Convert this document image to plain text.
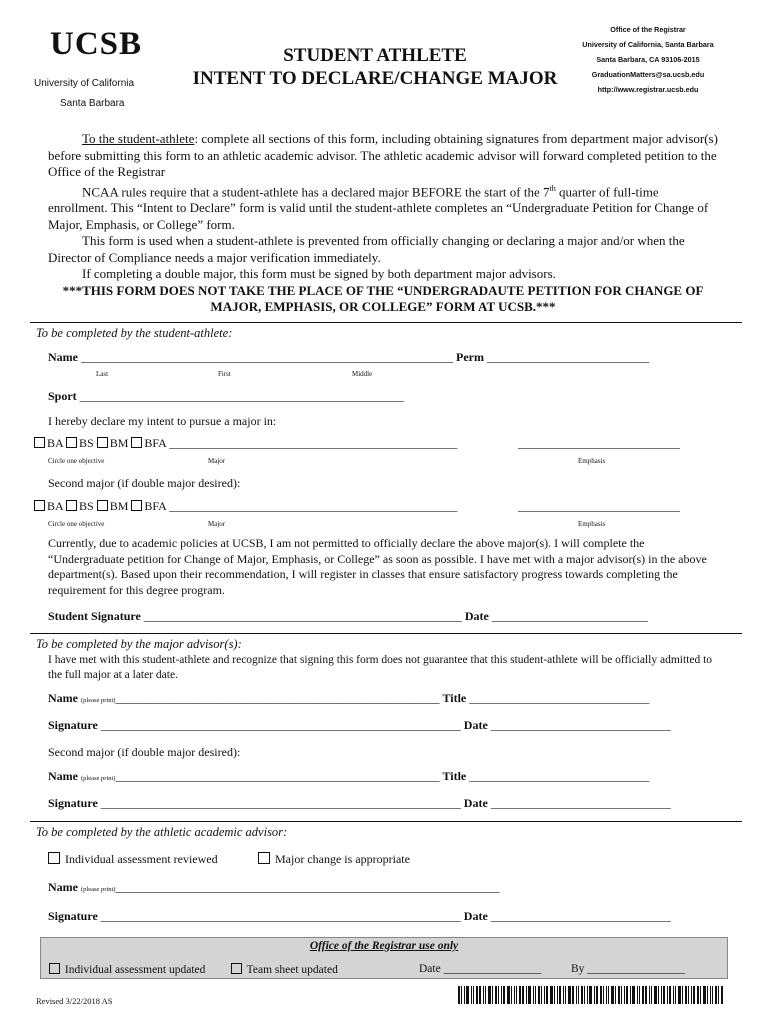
UCSB
University of California
Santa Barbara
STUDENT ATHLETE
INTENT TO DECLARE/CHANGE MAJOR
Office of the Registrar
University of California, Santa Barbara
Santa Barbara, CA 93106-2015
GraduationMatters@sa.ucsb.edu
http://www.registrar.ucsb.edu

To the student-athlete: complete all sections of this form, including obtaining signatures from department major advisor(s) before submitting this form to an athletic academic advisor. The athletic academic advisor will forward completed petition to the Office of the Registrar

NCAA rules require that a student-athlete has a declared major BEFORE the start of the 7th quarter of full-time enrollment. This “Intent to Declare” form is valid until the student-athlete completes an “Undergraduate Petition for Change of Major, Emphasis, or College” form.

This form is used when a student-athlete is prevented from officially changing or declaring a major and/or when the Director of Compliance needs a major verification immediately.

If completing a double major, this form must be signed by both department major advisors.

***THIS FORM DOES NOT TAKE THE PLACE OF THE “UNDERGRADAUTE PETITION FOR CHANGE OF MAJOR, EMPHASIS, OR COLLEGE” FORM AT UCSB.***

To be completed by the student-athlete:
Name ______________________________________________________________ Perm ___________________________
Last	First	Middle
Sport ______________________________________________________
I hereby declare my intent to pursue a major in:
BA BS BM BFA ________________________________________________	___________________________
Circle one objective	Major	Emphasis
Second major (if double major desired):
BA BS BM BFA ________________________________________________	___________________________
Circle one objective	Major	Emphasis
Currently, due to academic policies at UCSB, I am not permitted to officially declare the above major(s). I will complete the “Undergraduate petition for Change of Major, Emphasis, or College” as soon as possible. I have met with a major advisor(s) in the above department(s). Based upon their recommendation, I will register in classes that ensure satisfactory progress towards completing the requirement for this degree program.
Student Signature _____________________________________________________ Date __________________________
To be completed by the major advisor(s):
I have met with this student-athlete and recognize that signing this form does not guarantee that this student-athlete will be officially admitted to the full major at a later date.
Name (please print)______________________________________________________ Title ______________________________
Signature ____________________________________________________________ Date ______________________________
Second major (if double major desired):
Name (please print)______________________________________________________ Title ______________________________
Signature ____________________________________________________________ Date ______________________________
To be completed by the athletic academic advisor:
Individual assessment reviewed	Major change is appropriate
Name (please print)________________________________________________________________
Signature ____________________________________________________________ Date ______________________________
Office of the Registrar use only
Individual assessment updated	Team sheet updated	Date _________________	By _________________
Revised 3/22/2018 AS
